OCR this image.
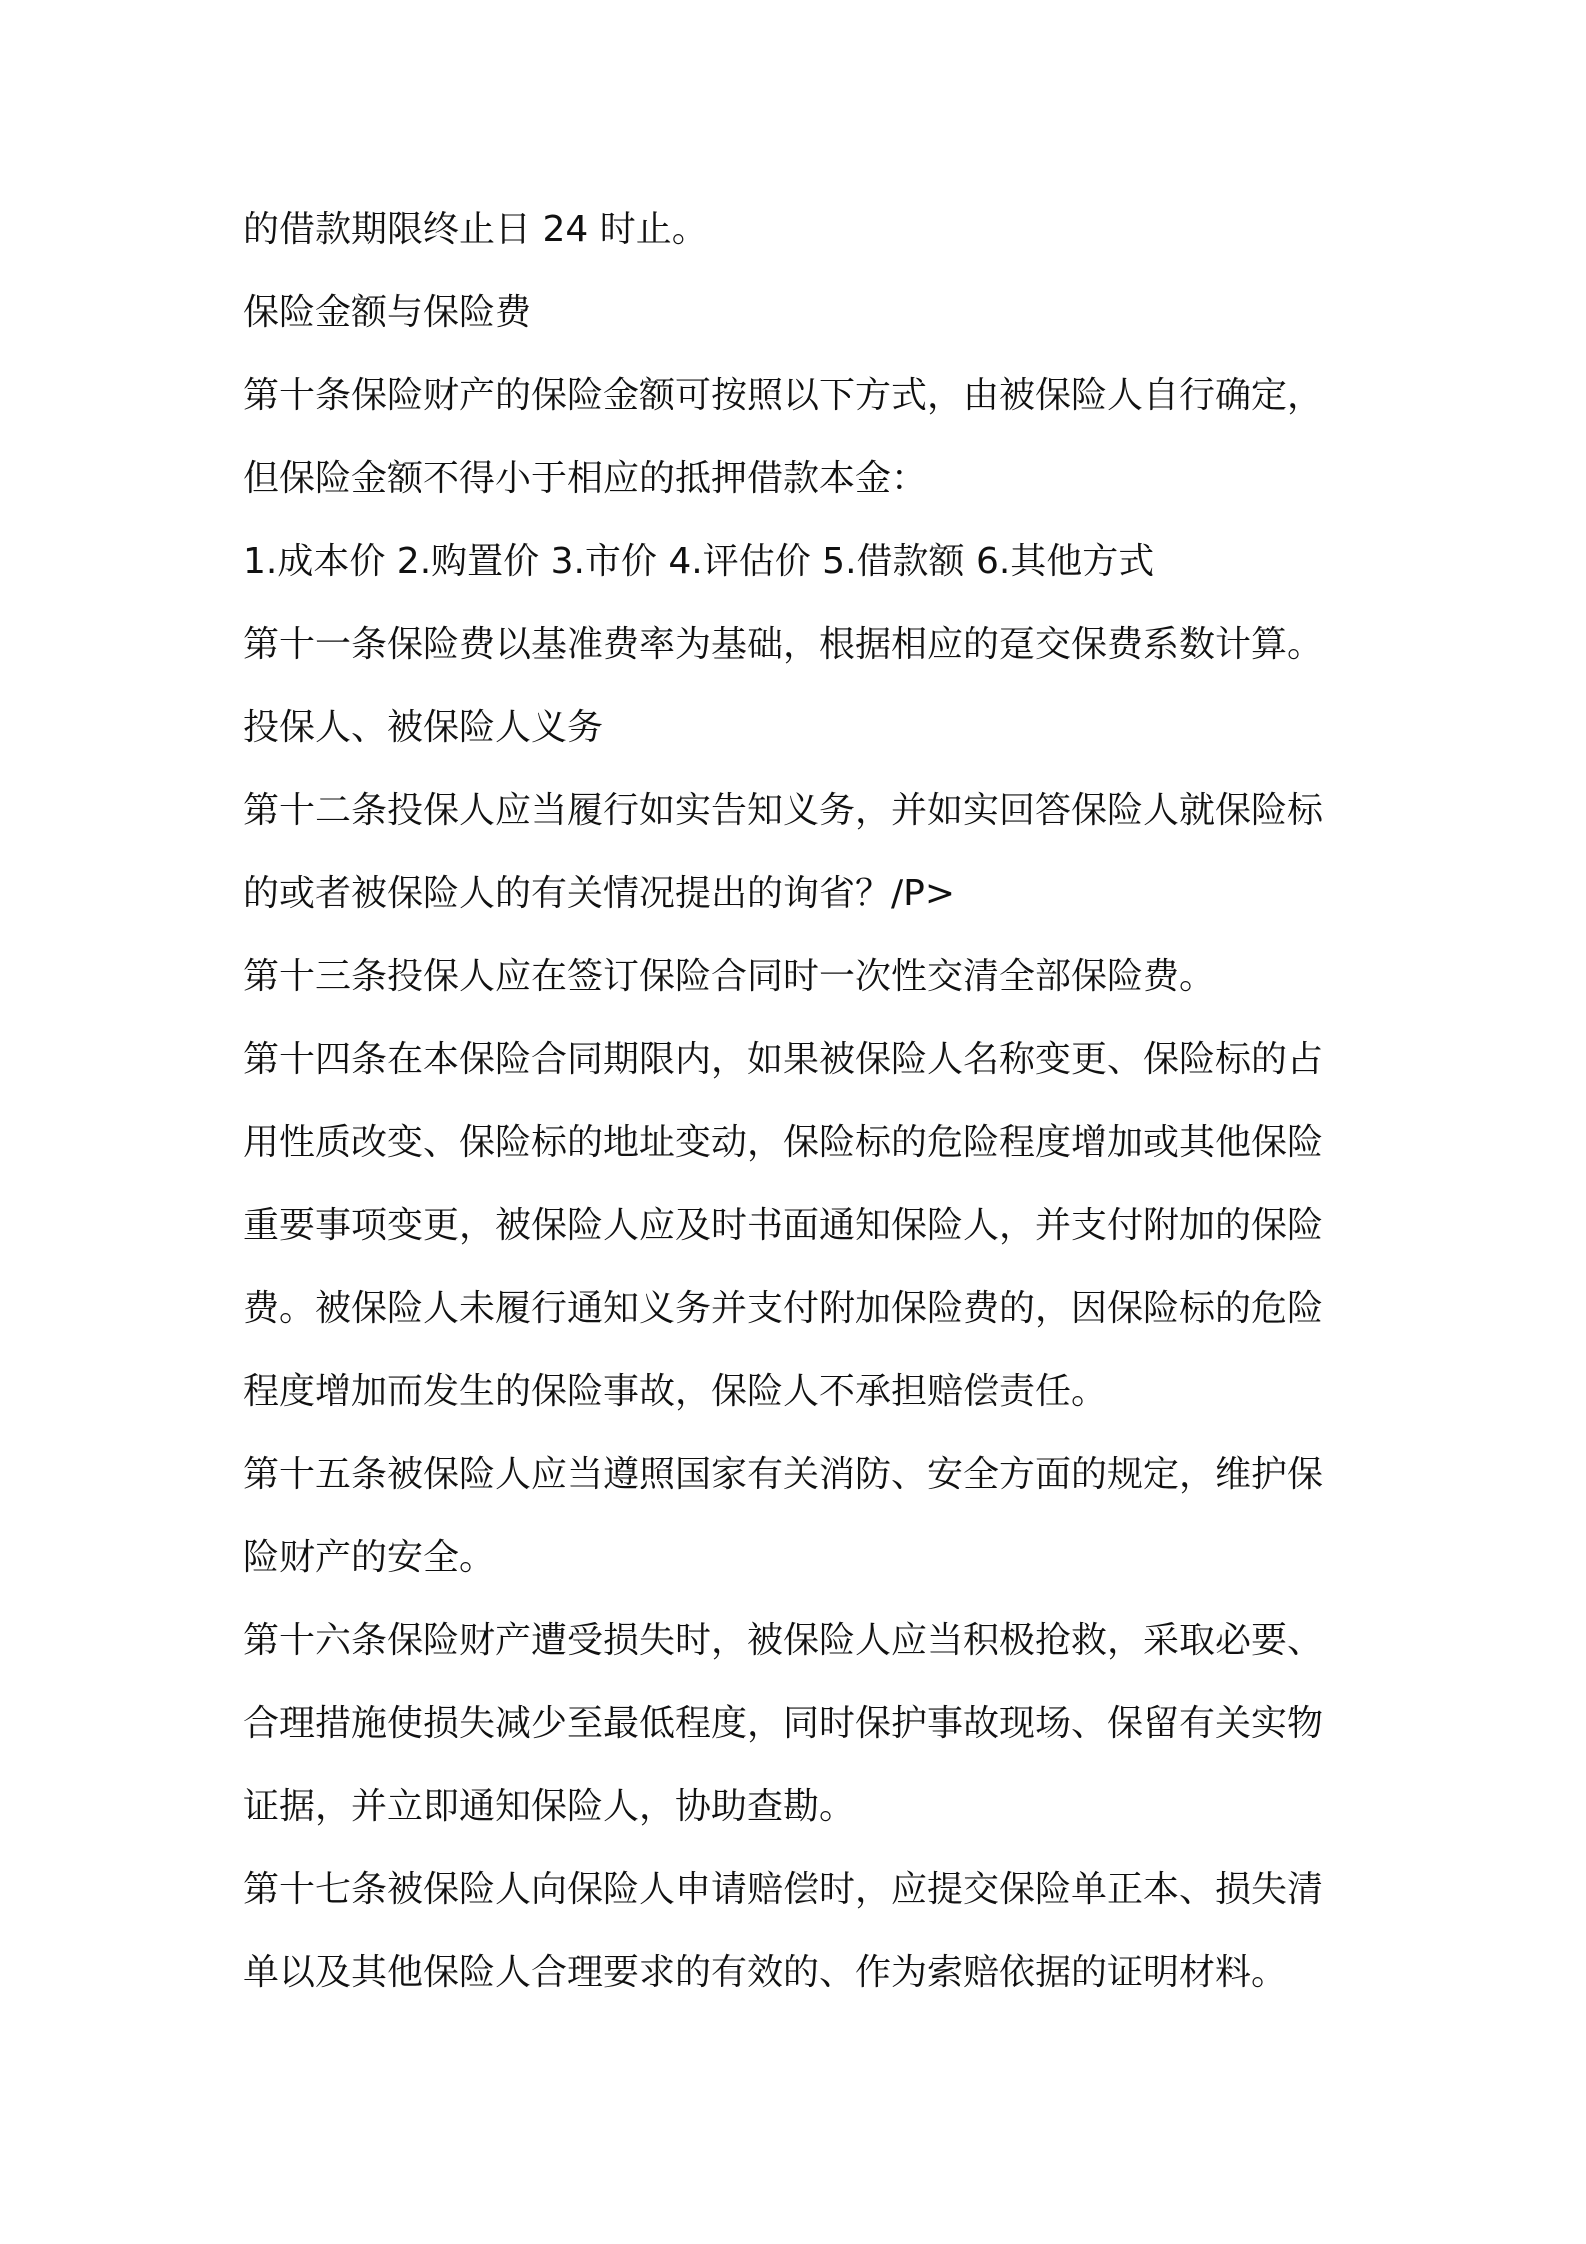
的借款期限终止日 24 时止。
保险金额与保险费
第十条保险财产的保险金额可按照以下方式，由被保险人自行确定，
但保险金额不得小于相应的抵押借款本金：
1.成本价 2.购置价 3.市价 4.评估价 5.借款额 6.其他方式
第十一条保险费以基准费率为基础，根据相应的趸交保费系数计算。
投保人、被保险人义务
第十二条投保人应当履行如实告知义务，并如实回答保险人就保险标
的或者被保险人的有关情况提出的询省？/P>
第十三条投保人应在签订保险合同时一次性交清全部保险费。
第十四条在本保险合同期限内，如果被保险人名称变更、保险标的占
用性质改变、保险标的地址变动，保险标的危险程度增加或其他保险
重要事项变更，被保险人应及时书面通知保险人，并支付附加的保险
费。被保险人未履行通知义务并支付附加保险费的，因保险标的危险
程度增加而发生的保险事故，保险人不承担赔偿责任。
第十五条被保险人应当遵照国家有关消防、安全方面的规定，维护保
险财产的安全。
第十六条保险财产遭受损失时，被保险人应当积极抢救，采取必要、
合理措施使损失减少至最低程度，同时保护事故现场、保留有关实物
证据，并立即通知保险人，协助查勘。
第十七条被保险人向保险人申请赔偿时，应提交保险单正本、损失清
单以及其他保险人合理要求的有效的、作为索赔依据的证明材料。
